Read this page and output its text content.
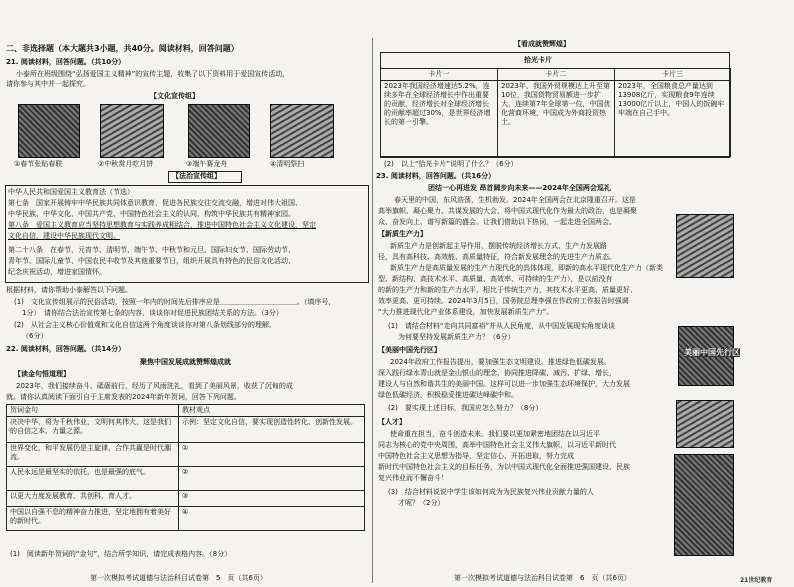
二、非选择题（本大题共3小题，共40分。阅读材料，回答问题）
21. 阅读材料，回答问题。（共10分）
小泰所在班级围绕“弘扬爱国主义精神”的宣传主题，收集了以下资料用于爱国宣传活动，
请你参与其中并一起探究。
【文化宣传组】
①春节张贴春联	②中秋赏月吃月饼	③端午赛龙舟	④清明祭扫
【法治宣传组】
中华人民共和国爱国主义教育法（节选）
第七条　国家开展铸牢中华民族共同体意识教育，促进各民族交往交流交融，增进对伟大祖国、
中华民族、中华文化、中国共产党、中国特色社会主义的认同，构筑中华民族共有精神家园。
第八条　爱国主义教育应当坚持思想教育与实践养成相结合，推进中国特色社会主义文化建设，坚定
文化自信，建设中华民族现代文明。
第二十八条　在春节、元宵节、清明节、端午节、中秋节和元旦、国际妇女节、国际劳动节、
青年节、国际儿童节、中国农民丰收节及其他重要节日，组织开展具有特色的民俗文化活动、
纪念庆祝活动，增进家国情怀。
根据材料，请你帮助小泰解答以下问题。
(1)　文化宣传组展示的民俗活动，按照一年内的时间先后排序应是＿＿＿＿＿＿＿＿＿＿＿。（填序号，
1分）　请你结合法治宣传第七条的内容，谈谈你对促进民族团结关系的方法。（3分）
(2)　从社会主义核心价值观和文化自信这两个角度谈谈你对第八条划线部分的理解。
（6分）
22. 阅读材料，回答问题。（共14分）
聚焦中国发展成就赞辉煌成就
【读金句悟道理】
2023年，我们接续奋斗、砥砺前行，经历了风雨洗礼，看到了美丽风景，收获了沉甸的成
就。请你认真阅读下面引自于主席发表的2024年新年贺词，回答下列问题。
贺词金句	教材观点
决决中华，将为千秋伟业，文明何其伟大，这是我们的自信之本、力量之源。	示例：坚定文化自信，要实现创造性转化、创新性发展。
世界变化，和平发展仍是主旋律，合作共赢是时代潮流。	①
人民永远是最坚实的依托，也是最强的底气。	②
以更大力度发展教育、共创科、育人才。	③
中国以自强不息的精神奋力推进，坚定地拥有着美好的新时代。	④
(1)　阅读新年贺词的“金句”，结合所学知识，请完成表格内容。（8分）
第一次模拟考试道德与法治科目试卷第　5　页（共6页）
【看成就赞辉煌】
拾光卡片
卡片一	卡片二	卡片三
2023年我国经济增速达5.2%，连续多年在全球经济增长中作出重要的贡献，经济增长对全球经济增长的贡献率超过30%，是世界经济增长的第一引擎。	2023年，我国外贸规模达上升至第10位，我国货物贸易额进一步扩大，连续第7年全球第一位，中国优化营商环境，中国成为外商投资热土。	2023年，全国粮食总产量达到13908亿斤，实现粮食9年连续13000亿斤以上，中国人的饭碗牢牢端在自己手中。
(2)　以上“拾光卡片”说明了什么？（6分）
23. 阅读材料，回答问题。（共16分）
团结一心再进发 昂首阔步向未来——2024年全国两会巡礼
春天里的中国，东风浩荡，生机勃发。2024年全国两会在北京隆重召开。这是
高举旗帜、凝心聚力、共谋发展的大会，将中国式现代化作为最大的政治，也是凝聚
众、奋发向上、谱写新篇的盛会。让我们借助以下热词，一起走进全国两会。
【新质生产力】
新质生产力是创新起主导作用，摆脱传统经济增长方式、生产力发展路
径，具有高科技、高效能、高质量特征，符合新发展理念的先进生产力质态。
新质生产力是高质量发展的生产力现代化的具体体现，即新的高水平现代化生产力（新类
型、新结构、高技术水平、高质量、高效率、可持续的生产力），是以前没有
的新的生产力和新的生产力水平，相比于传统生产力，其技术水平更高、质量更好、
效率更高、更可持续。2024年3月5日，国务院总理李强在作政府工作报告时强调
“大力推进现代化产业体系建设，加快发展新质生产力”。
(1)　请结合材料“走向共同富裕”并从人民角度，从中国发展现实角度谈谈
为何要坚持发展新质生产力？（6分）
美丽中国先行区
【美丽中国先行区】
2024年政府工作报告提出，要加强生态文明建设，推进绿色低碳发展。
深入践行绿水青山就是金山银山的理念，协同推进降碳、减污、扩绿、增长，
建设人与自然和谐共生的美丽中国。这样可以进一步加强生态环境保护，大力发展
绿色低碳经济，积极稳妥推进碳达峰碳中和。
(2)　要实现上述目标，我国应怎么努力？（8分）
【人才】
使命重在担当，奋斗创造未来。我们要以更加紧密地团结在以习近平
同志为核心的党中央周围，高举中国特色社会主义伟大旗帜，以习近平新时代
中国特色社会主义思想为指导，坚定信心、开拓进取，努力完成
新时代中国特色社会主义的目标任务，为以中国式现代化全面推进强国建设、民族
复兴伟业而不懈奋斗！
(3)　结合材料说说中学生该如何成为为民族复兴伟业贡献力量的人
才呢？（2分）
第一次模拟考试道德与法治科目试卷第　6　页（共6页）	21世纪教育
